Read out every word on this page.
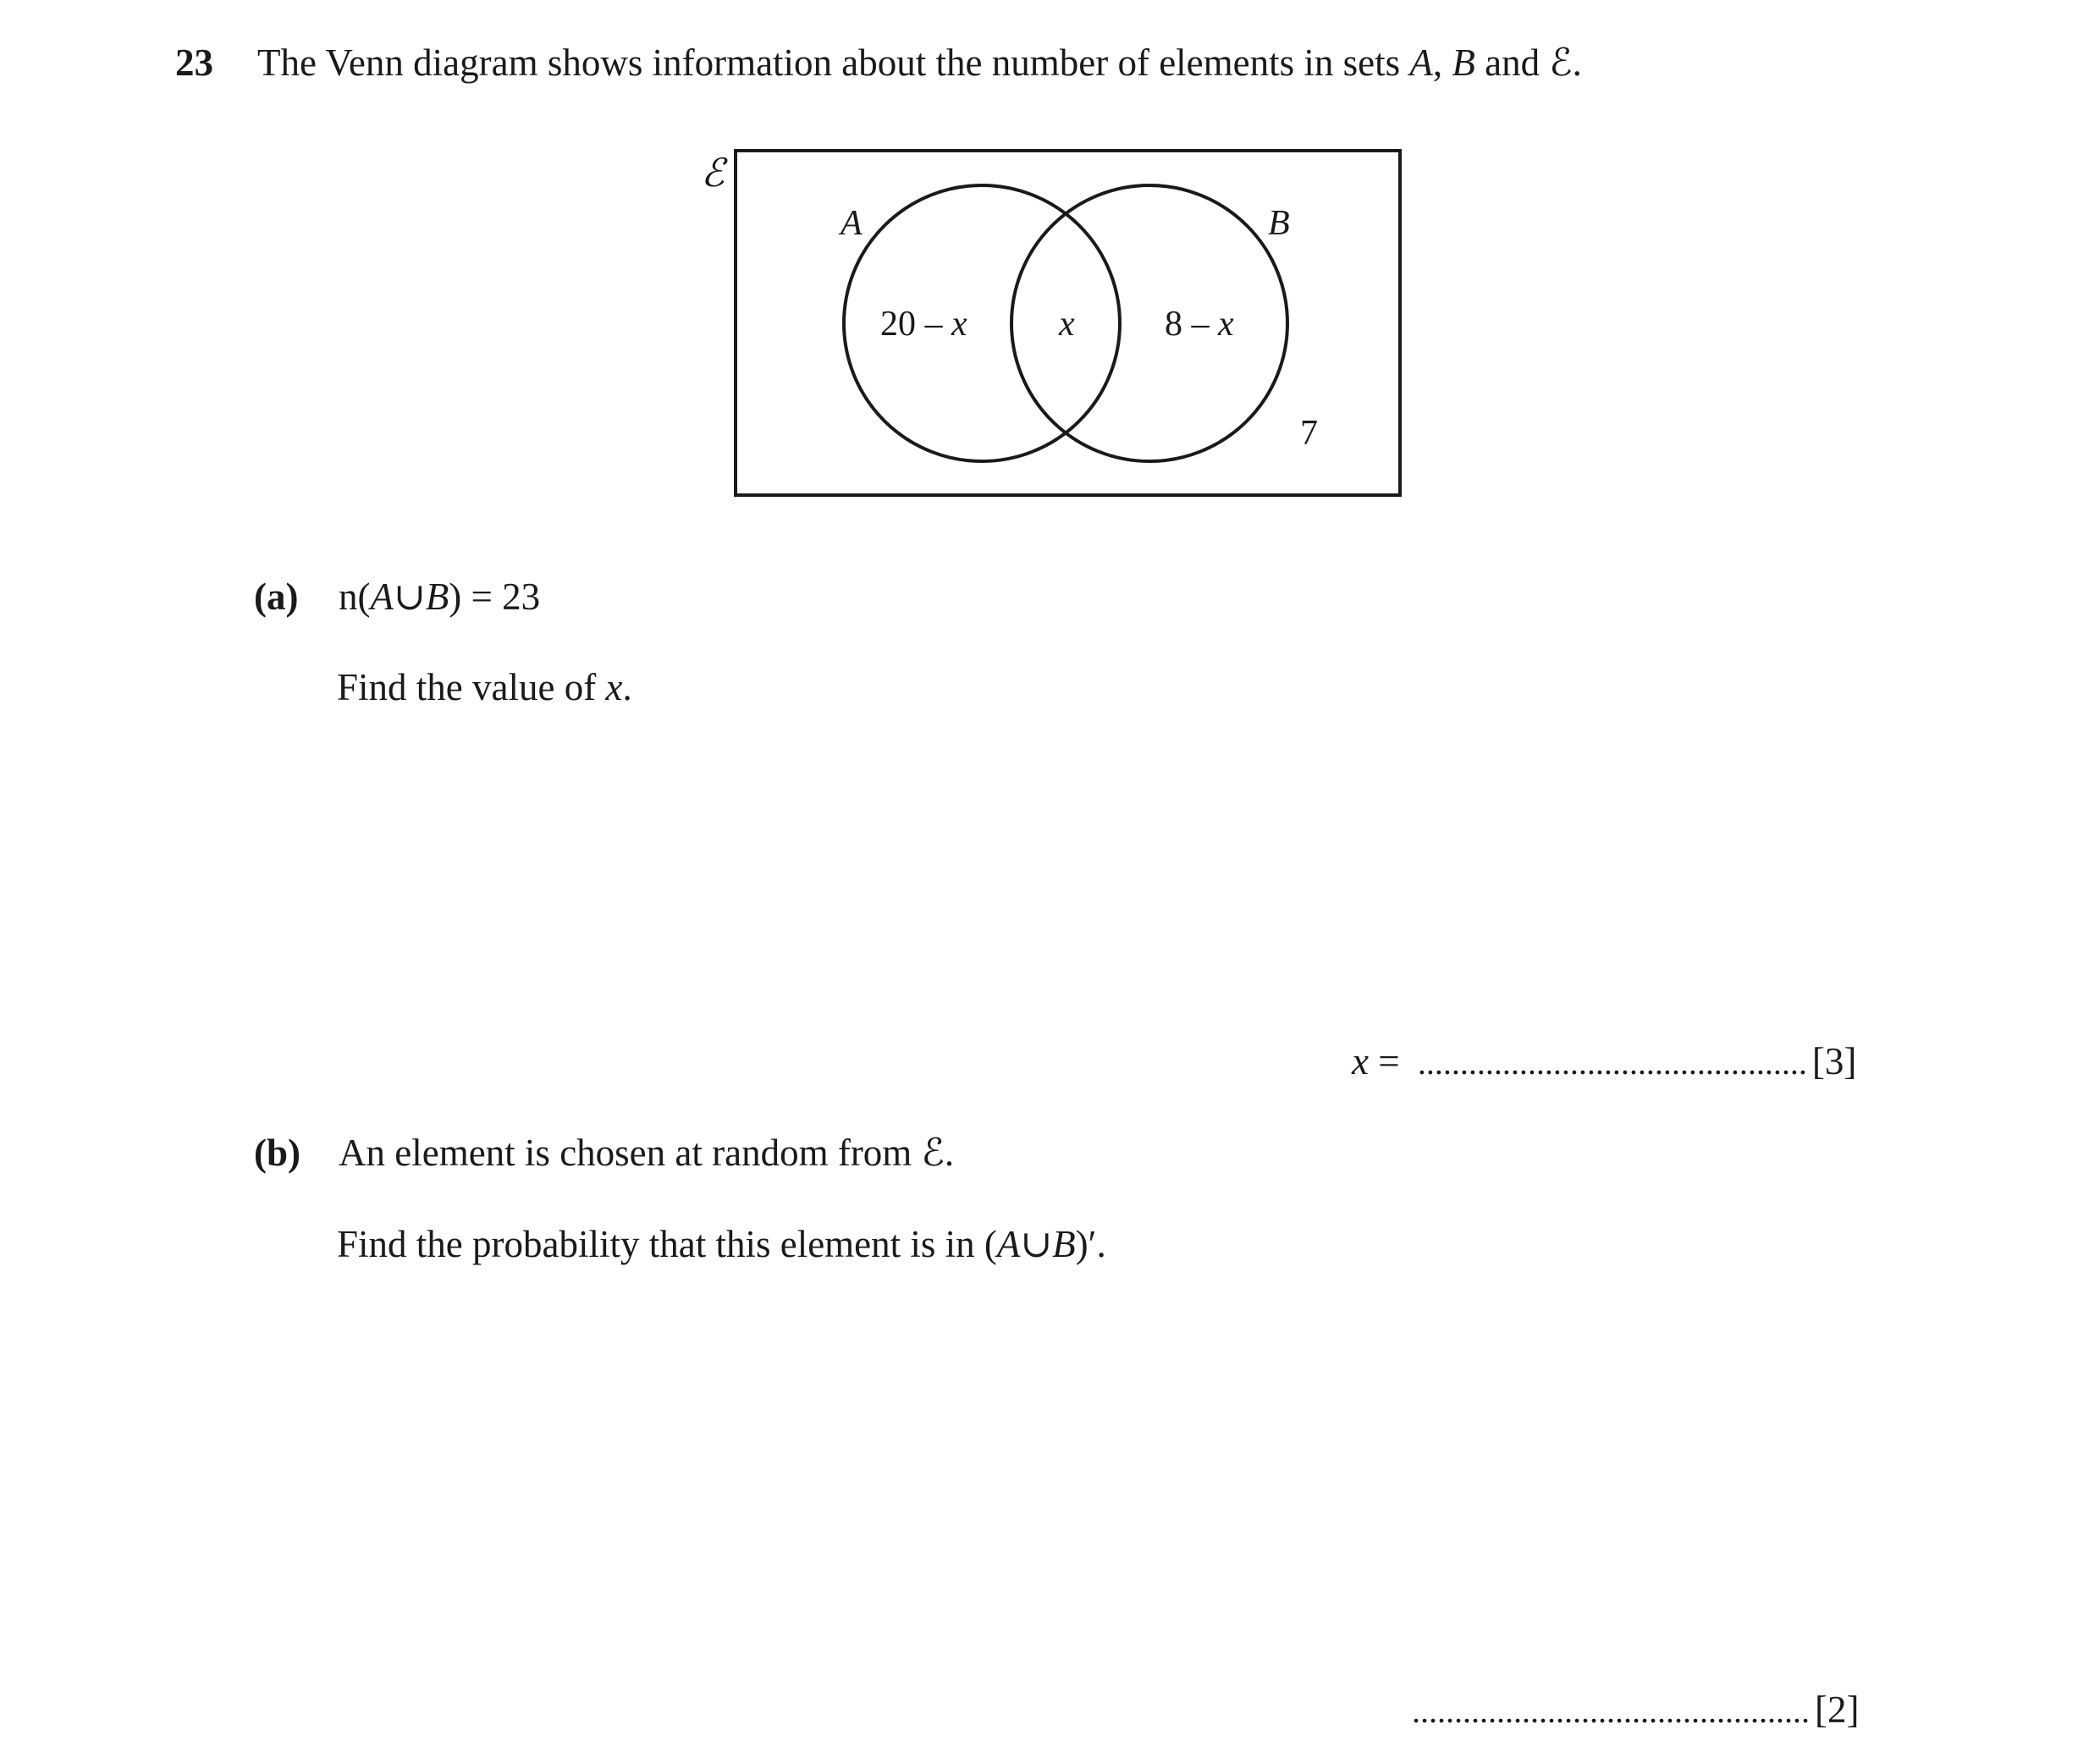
23 The Venn diagram shows information about the number of elements in sets A, B and ℰ.
ℰ
A	B
20 – x	x	8 – x
7
(a) n(A∪B) = 23
Find the value of x.
x = .............................................. [3]
(b) An element is chosen at random from ℰ.
Find the probability that this element is in (A∪B)′.
............................................... [2]
